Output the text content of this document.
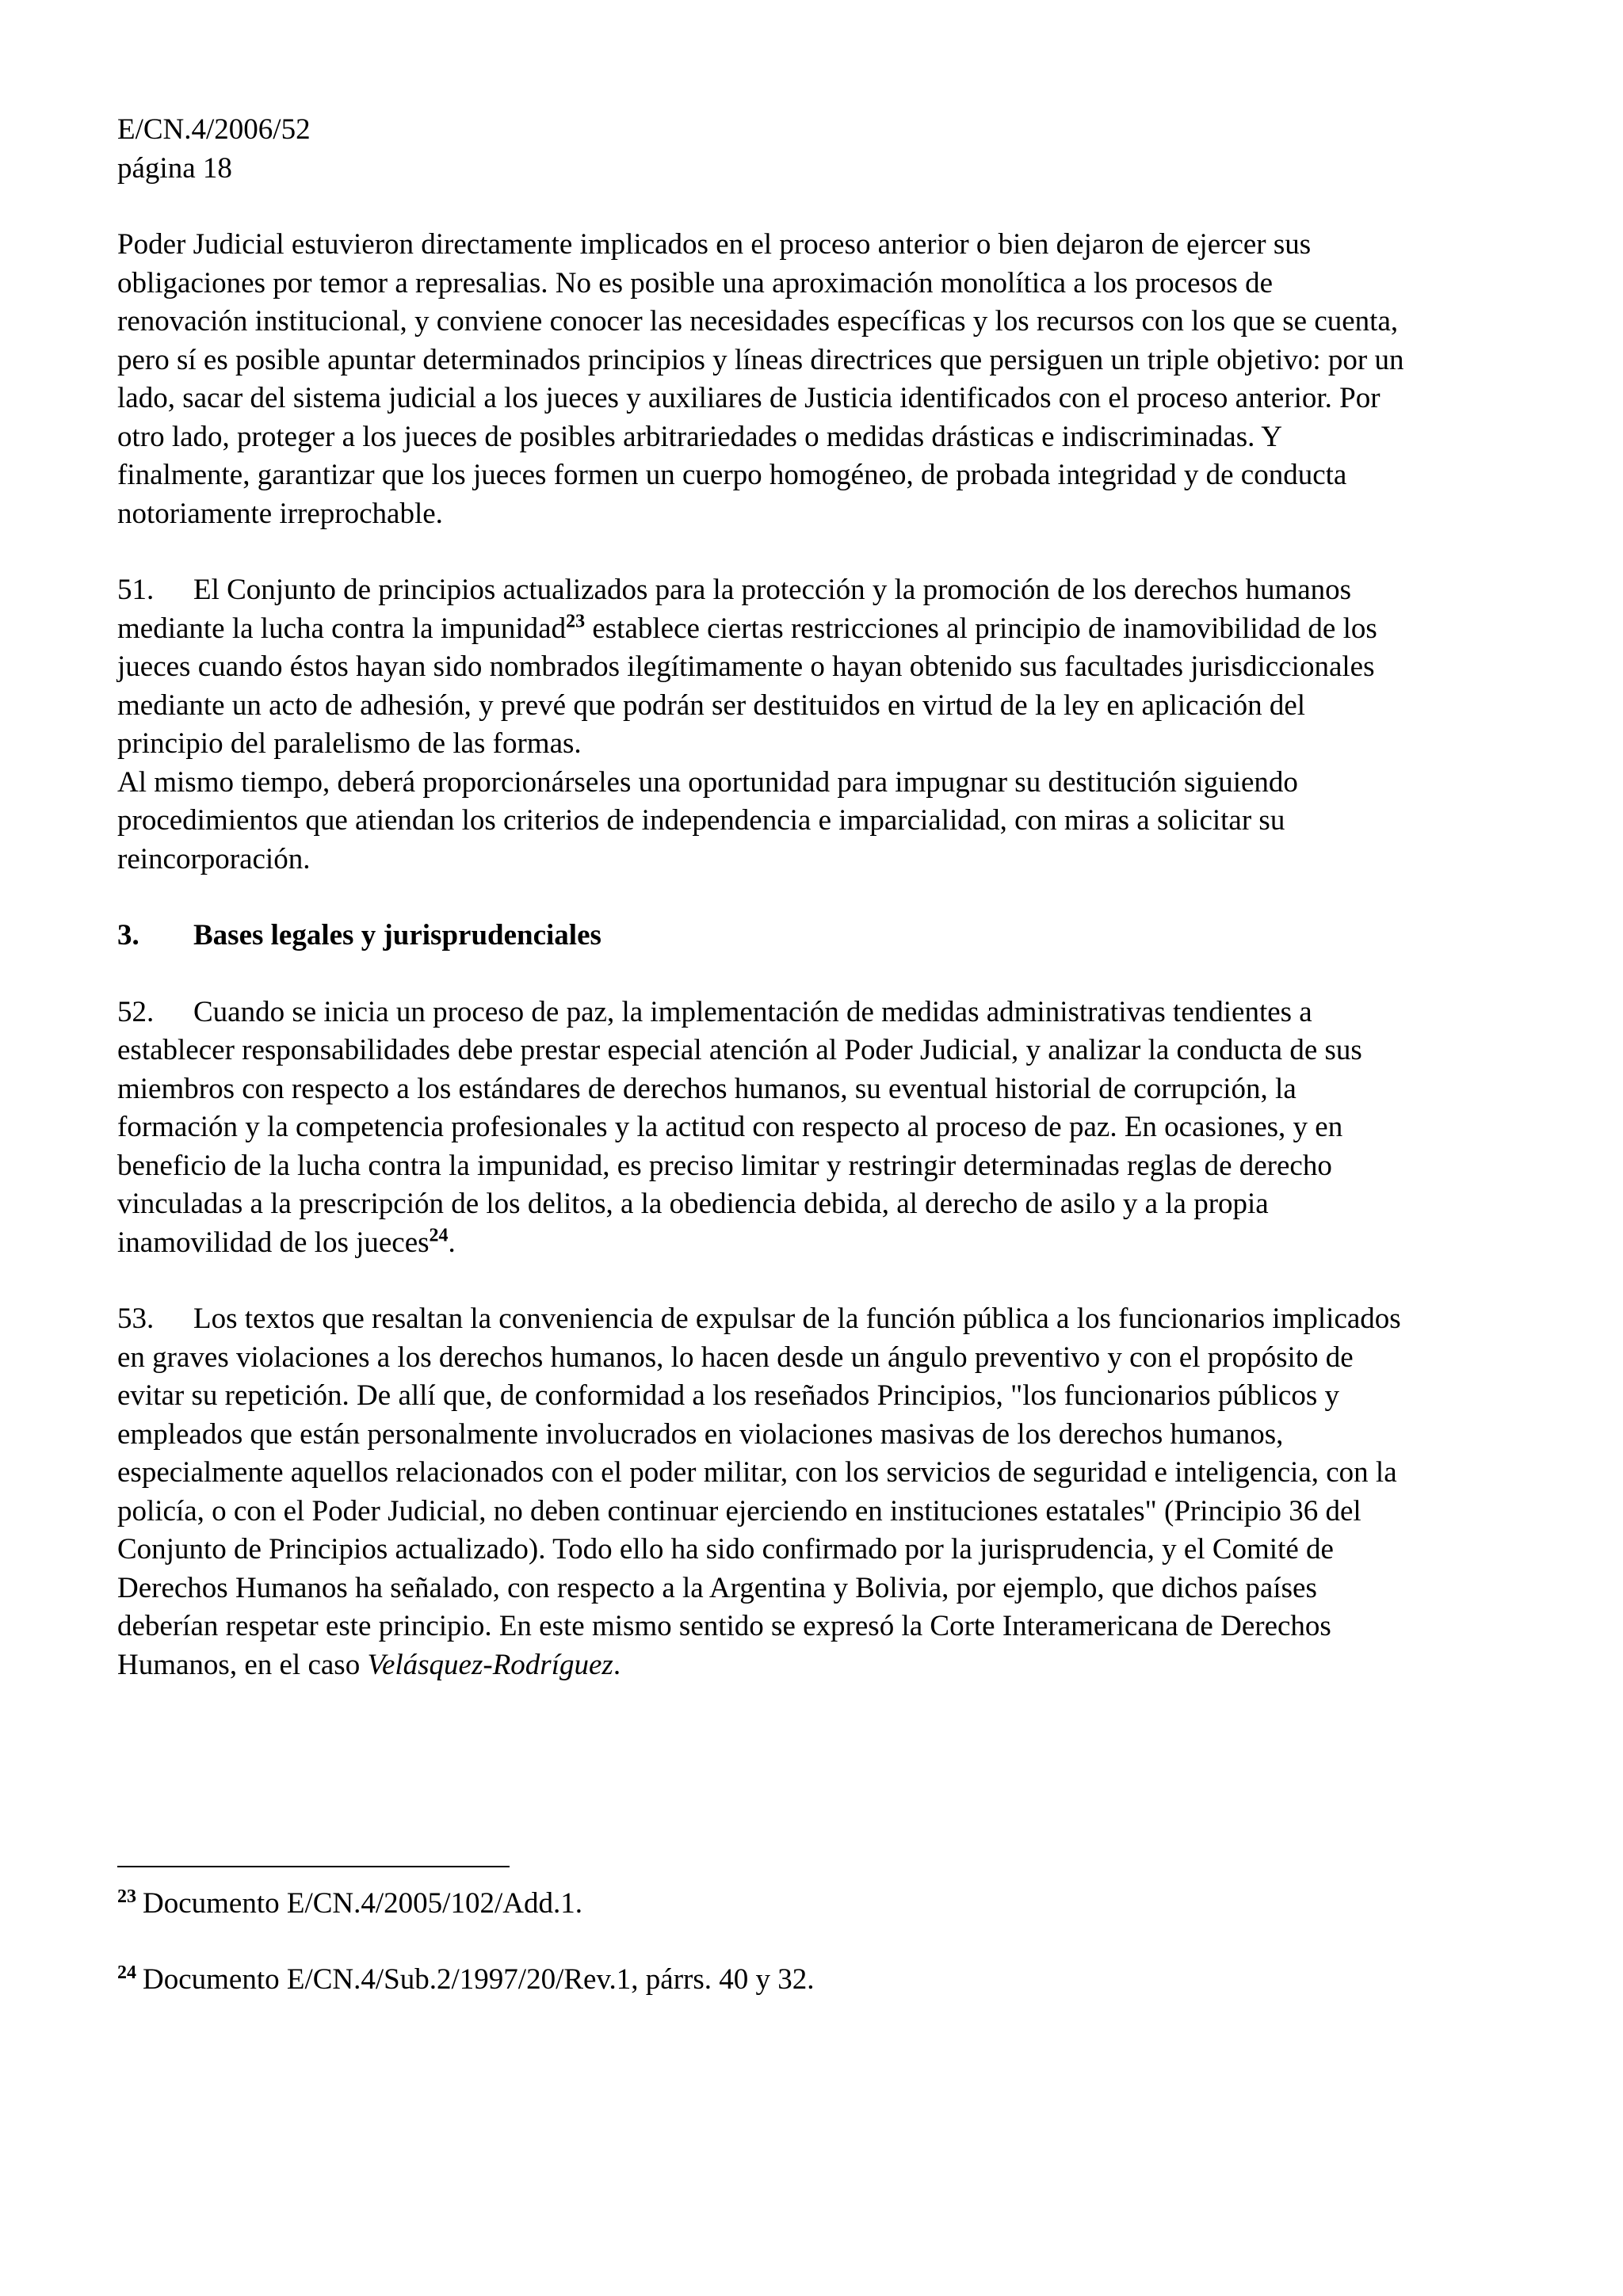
E/CN.4/2006/52
página 18

Poder Judicial estuvieron directamente implicados en el proceso anterior o bien dejaron de ejercer sus obligaciones por temor a represalias. No es posible una aproximación monolítica a los procesos de renovación institucional, y conviene conocer las necesidades específicas y los recursos con los que se cuenta, pero sí es posible apuntar determinados principios y líneas directrices que persiguen un triple objetivo: por un lado, sacar del sistema judicial a los jueces y auxiliares de Justicia identificados con el proceso anterior. Por otro lado, proteger a los jueces de posibles arbitrariedades o medidas drásticas e indiscriminadas. Y finalmente, garantizar que los jueces formen un cuerpo homogéneo, de probada integridad y de conducta notoriamente irreprochable.

51. El Conjunto de principios actualizados para la protección y la promoción de los derechos humanos mediante la lucha contra la impunidad$^{23}$ establece ciertas restricciones al principio de inamovibilidad de los jueces cuando éstos hayan sido nombrados ilegítimamente o hayan obtenido sus facultades jurisdiccionales mediante un acto de adhesión, y prevé que podrán ser destituidos en virtud de la ley en aplicación del principio del paralelismo de las formas.
Al mismo tiempo, deberá proporcionárseles una oportunidad para impugnar su destitución siguiendo procedimientos que atiendan los criterios de independencia e imparcialidad, con miras a solicitar su reincorporación.

3. Bases legales y jurisprudenciales

52. Cuando se inicia un proceso de paz, la implementación de medidas administrativas tendientes a establecer responsabilidades debe prestar especial atención al Poder Judicial, y analizar la conducta de sus miembros con respecto a los estándares de derechos humanos, su eventual historial de corrupción, la formación y la competencia profesionales y la actitud con respecto al proceso de paz. En ocasiones, y en beneficio de la lucha contra la impunidad, es preciso limitar y restringir determinadas reglas de derecho vinculadas a la prescripción de los delitos, a la obediencia debida, al derecho de asilo y a la propia inamovilidad de los jueces$^{24}$.

53. Los textos que resaltan la conveniencia de expulsar de la función pública a los funcionarios implicados en graves violaciones a los derechos humanos, lo hacen desde un ángulo preventivo y con el propósito de evitar su repetición. De allí que, de conformidad a los reseñados Principios, "los funcionarios públicos y empleados que están personalmente involucrados en violaciones masivas de los derechos humanos, especialmente aquellos relacionados con el poder militar, con los servicios de seguridad e inteligencia, con la policía, o con el Poder Judicial, no deben continuar ejerciendo en instituciones estatales" (Principio 36 del Conjunto de Principios actualizado). Todo ello ha sido confirmado por la jurisprudencia, y el Comité de Derechos Humanos ha señalado, con respecto a la Argentina y Bolivia, por ejemplo, que dichos países deberían respetar este principio. En este mismo sentido se expresó la Corte Interamericana de Derechos Humanos, en el caso Velásquez-Rodríguez.

$^{23}$ Documento E/CN.4/2005/102/Add.1.
$^{24}$ Documento E/CN.4/Sub.2/1997/20/Rev.1, párrs. 40 y 32.
